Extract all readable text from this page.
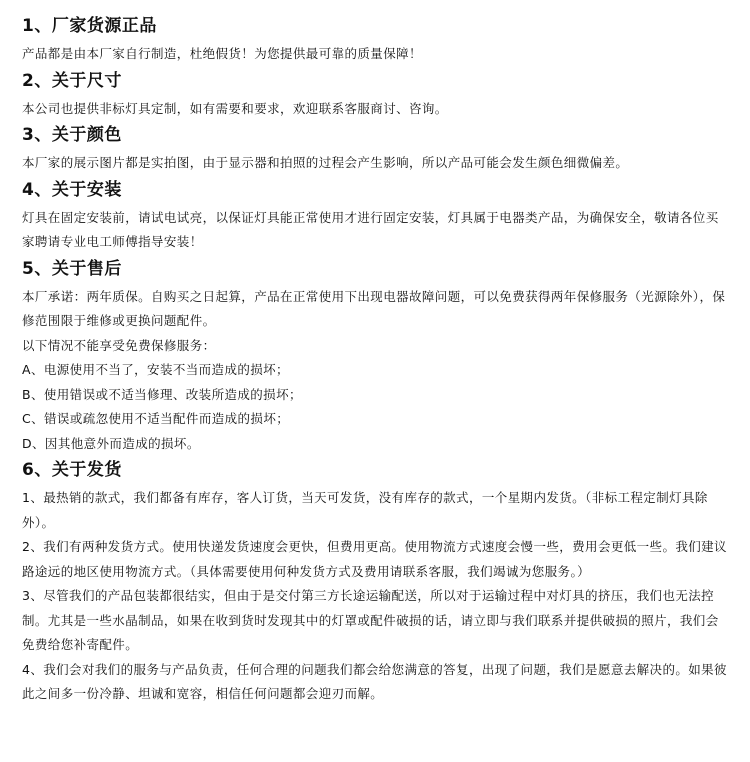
1、厂家货源正品

产品都是由本厂家自行制造，杜绝假货！为您提供最可靠的质量保障！

2、关于尺寸

本公司也提供非标灯具定制，如有需要和要求，欢迎联系客服商讨、咨询。

3、关于颜色

本厂家的展示图片都是实拍图，由于显示器和拍照的过程会产生影响，所以产品可能会发生颜色细微偏差。

4、关于安装

灯具在固定安装前，请试电试亮，以保证灯具能正常使用才进行固定安装，灯具属于电器类产品，为确保安全，敬请各位买家聘请专业电工师傅指导安装！

5、关于售后

本厂承诺：两年质保。自购买之日起算，产品在正常使用下出现电器故障问题，可以免费获得两年保修服务（光源除外），保修范围限于维修或更换问题配件。

以下情况不能享受免费保修服务：

A、电源使用不当了，安装不当而造成的损坏；

B、使用错误或不适当修理、改装所造成的损坏；

C、错误或疏忽使用不适当配件而造成的损坏；

D、因其他意外而造成的损坏。

6、关于发货

1、最热销的款式，我们都备有库存，客人订货，当天可发货，没有库存的款式，一个星期内发货。（非标工程定制灯具除外）。

2、我们有两种发货方式。使用快递发货速度会更快，但费用更高。使用物流方式速度会慢一些，费用会更低一些。我们建议路途远的地区使用物流方式。（具体需要使用何种发货方式及费用请联系客服，我们竭诚为您服务。）

3、尽管我们的产品包装都很结实，但由于是交付第三方长途运输配送，所以对于运输过程中对灯具的挤压，我们也无法控制。尤其是一些水晶制品，如果在收到货时发现其中的灯罩或配件破损的话，请立即与我们联系并提供破损的照片，我们会免费给您补寄配件。

4、我们会对我们的服务与产品负责，任何合理的问题我们都会给您满意的答复，出现了问题，我们是愿意去解决的。如果彼此之间多一份冷静、坦诚和宽容，相信任何问题都会迎刃而解。
